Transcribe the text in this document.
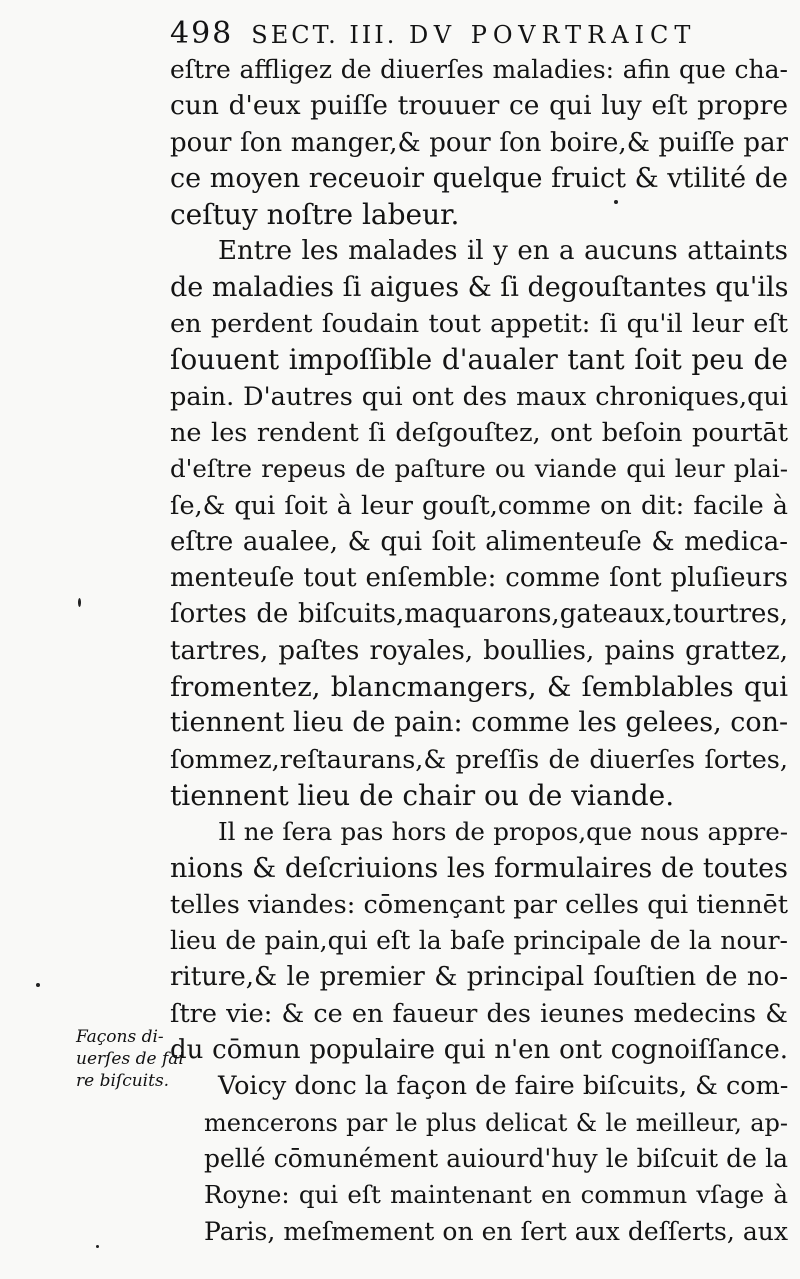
498 SECT. III. DV POVRTRAICT
eſtre affligez de diuerſes maladies: afin que cha-
cun d'eux puiſſe trouuer ce qui luy eſt propre
pour ſon manger,& pour ſon boire,& puiſſe par
ce moyen receuoir quelque fruict & vtilité de
ceſtuy noſtre labeur.
Entre les malades il y en a aucuns attaints
de maladies ſi aigues & ſi degouſtantes qu'ils
en perdent ſoudain tout appetit: ſi qu'il leur eſt
ſouuent impoſſible d'aualer tant ſoit peu de
pain. D'autres qui ont des maux chroniques,qui
ne les rendent ſi deſgouſtez, ont beſoin pourtāt
d'eſtre repeus de paſture ou viande qui leur plai-
ſe,& qui ſoit à leur gouſt,comme on dit: facile à
eſtre aualee, & qui ſoit alimenteuſe & medica-
menteuſe tout enſemble: comme ſont pluſieurs
ſortes de biſcuits,maquarons,gateaux,tourtres,
tartres, paſtes royales, boullies, pains grattez,
fromentez, blancmangers, & ſemblables qui
tiennent lieu de pain: comme les gelees, con-
ſommez,reſtaurans,& preſſis de diuerſes ſortes,
tiennent lieu de chair ou de viande.
Il ne ſera pas hors de propos,que nous appre-
nions & deſcriuions les formulaires de toutes
telles viandes: cōmençant par celles qui tiennēt
lieu de pain,qui eſt la baſe principale de la nour-
riture,& le premier & principal ſouſtien de no-
ſtre vie: & ce en faueur des ieunes medecins &
du cōmun populaire qui n'en ont cognoiſſance.
Voicy donc la façon de faire biſcuits, & com-
mencerons par le plus delicat & le meilleur, ap-
pellé cōmunément auiourd'huy le biſcuit de la
Royne: qui eſt maintenant en commun vſage à
Paris, meſmement on en ſert aux deſſerts, aux
Façons di-
uerſes de fai
re biſcuits.
